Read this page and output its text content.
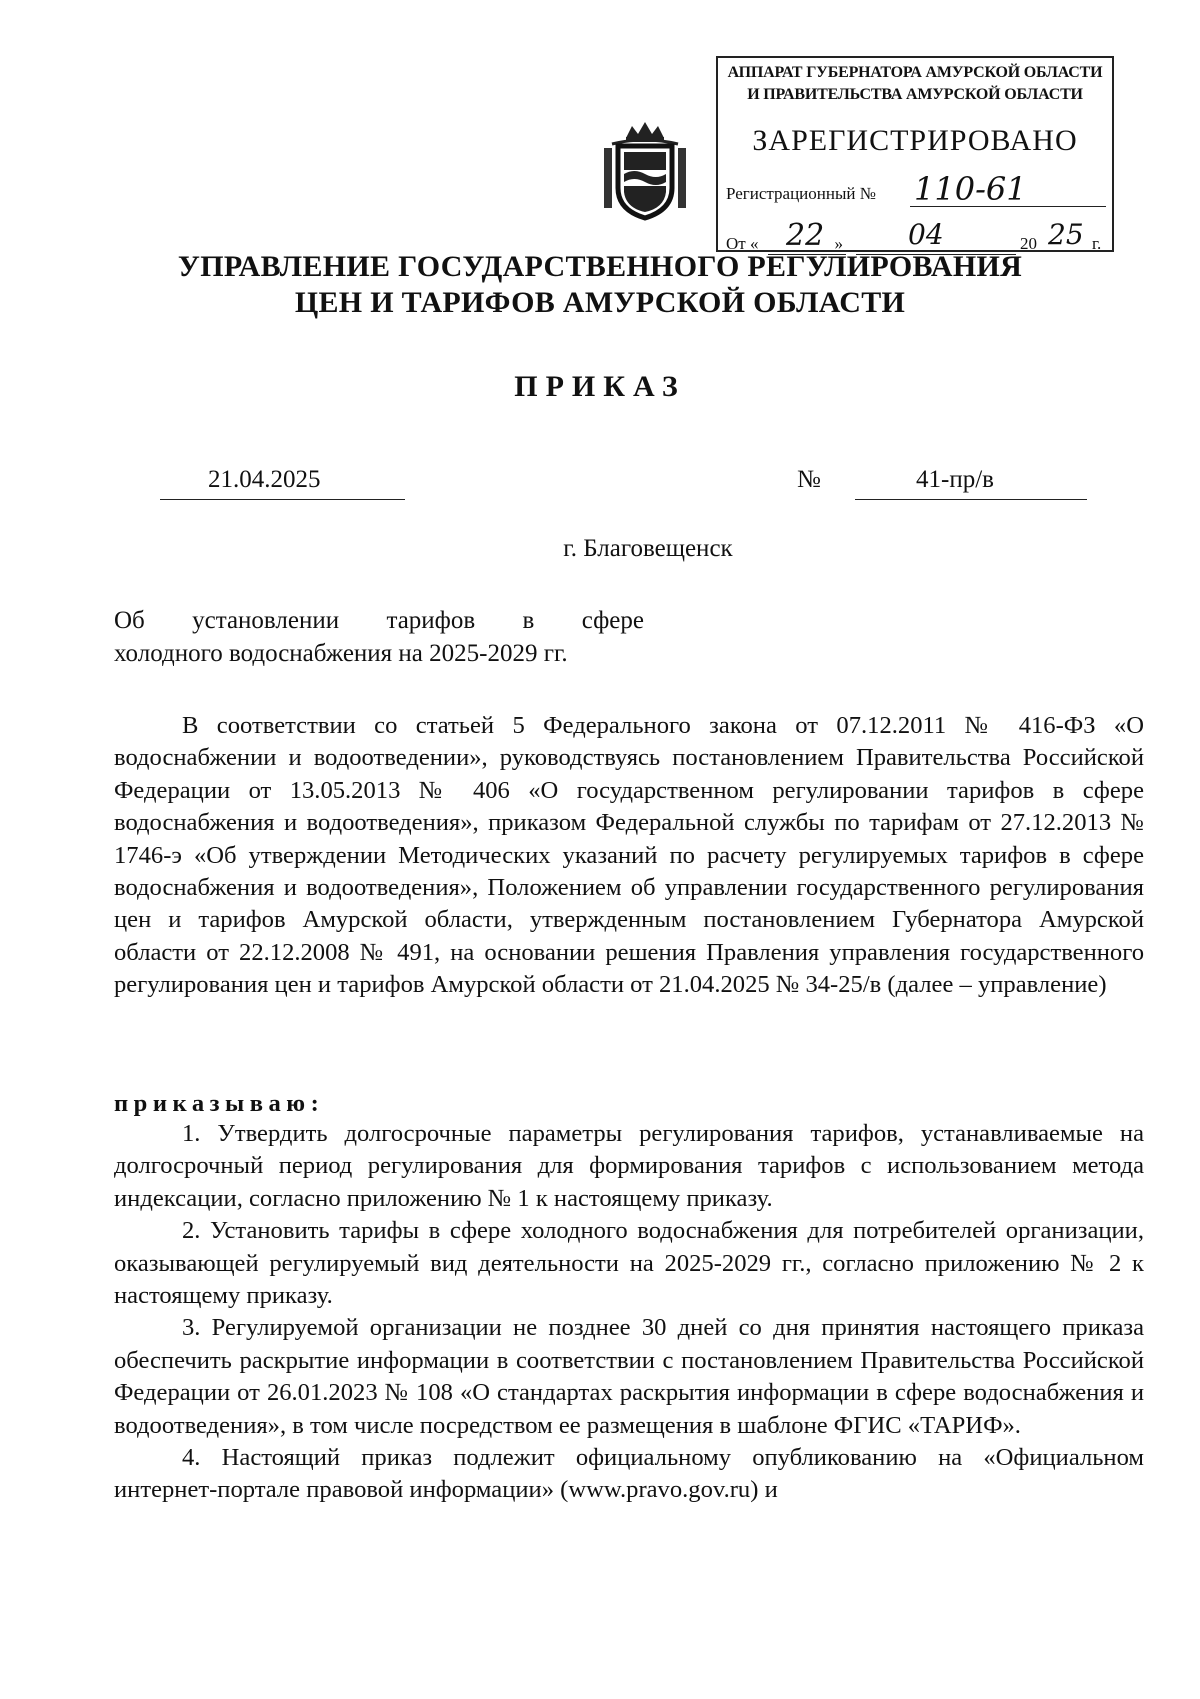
АППАРАТ ГУБЕРНАТОРА АМУРСКОЙ ОБЛАСТИ
И ПРАВИТЕЛЬСТВА АМУРСКОЙ ОБЛАСТИ
ЗАРЕГИСТРИРОВАНО
Регистрационный № 110-61
От «	»
22	04	20 25 г.
УПРАВЛЕНИЕ ГОСУДАРСТВЕННОГО РЕГУЛИРОВАНИЯ
ЦЕН И ТАРИФОВ АМУРСКОЙ ОБЛАСТИ
ПРИКАЗ
21.04.2025	№	41-пр/в
г. Благовещенск
Об установлении тарифов в сфере
холодного водоснабжения на 2025-2029 гг.

В соответствии со статьей 5 Федерального закона от 07.12.2011 № 416-ФЗ «О водоснабжении и водоотведении», руководствуясь постановлением Правительства Российской Федерации от 13.05.2013 № 406 «О государственном регулировании тарифов в сфере водоснабжения и водоотведения», приказом Федеральной службы по тарифам от 27.12.2013 № 1746-э «Об утверждении Методических указаний по расчету регулируемых тарифов в сфере водоснабжения и водоотведения», Положением об управлении государственного регулирования цен и тарифов Амурской области, утвержденным постановлением Губернатора Амурской области от 22.12.2008 № 491, на основании решения Правления управления государственного регулирования цен и тарифов Амурской области от 21.04.2025 № 34-25/в (далее – управление)

приказываю:

1. Утвердить долгосрочные параметры регулирования тарифов, устанавливаемые на долгосрочный период регулирования для формирования тарифов с использованием метода индексации, согласно приложению № 1 к настоящему приказу.

2. Установить тарифы в сфере холодного водоснабжения для потребителей организации, оказывающей регулируемый вид деятельности на 2025-2029 гг., согласно приложению № 2 к настоящему приказу.

3. Регулируемой организации не позднее 30 дней со дня принятия настоящего приказа обеспечить раскрытие информации в соответствии с постановлением Правительства Российской Федерации от 26.01.2023 № 108 «О стандартах раскрытия информации в сфере водоснабжения и водоотведения», в том числе посредством ее размещения в шаблоне ФГИС «ТАРИФ».

4. Настоящий приказ подлежит официальному опубликованию на «Официальном интернет-портале правовой информации» (www.pravo.gov.ru) и
